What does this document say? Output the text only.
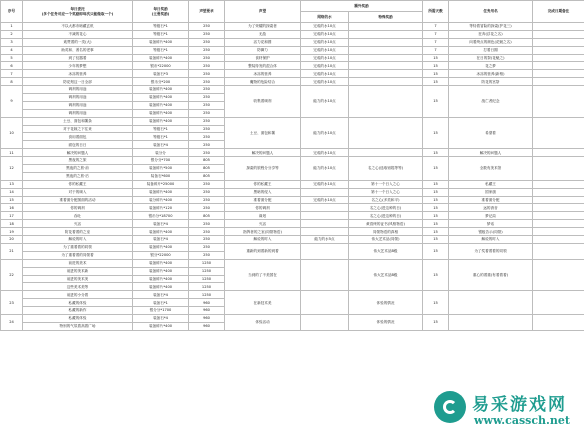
序号	每日委托
(多个任务对应一个奖励即每次只能做取一个)	每日奖励
(主要奖励)	声望要求	声望	额外奖励		所需天数	任务用名	完成日期备注
					网络的水	特殊奖励			
1	不以大都市暗藏玄机	等级石*1	250	为了荣耀的探索者	完成的水10点		7	等待着冒险的探索(护花三)	
2	不减的花心	等级石*1	250	无敌	完成的水10点		7	狂奔(浮花之名)	
3	欢赞着的一类(大)	装备碎片*400	250	活力花和圆	完成的水10点		7	向着终点的颜色(花魁之名)	
4	助英和、著名的老事	等级石*1	250	防御力	完成的水10点		7	打着日期	
5	到了仪器着	装备碎片*400	250	食材保护	完成的水10点		15	在日的祭(花魁之)	
6	少年的梦想	银币*22000	250	整装待发的混合体	完成的水10点		15	花之梦	
7	冰冻的营养	装备石*3	250	冰冻的营养	完成的水10点		15	冰冻的营养(新格)	
8	防花刻这一日全部	银币分*200	250	魔物的危险结合	完成的水10点		15	防花的宫祭	
9	调剂的用途	装备碎片*400	250	收集着调剂	能力的水10点		15	战亡者纪念	
	调剂的用途	装备碎片*400	250						
	调剂的用途	装备碎片*400	250						
	调剂的用途	装备碎片*400	250						
10	土豆、面包和薯条	装备碎片*400	250	土豆、面包和薯	能力的水10点		15	希望着	
	对于花嫁之下往来	等级石*1	250						
	食用着面包	等级石*1	250						
	面包的日日	装备石*4	250						
11	解决的问题人	装分分	250	解决的问题人	完成的水10点		15	解决的问题人	
12	黑夜的之旅	银分分*700	805	探索的旅程分分享等	能力的水10点	名之心(选取钥匙等等)	15	全数有美术馆	
	黑夜的之旅·前	装备碎片*500	805						
	黑夜的之旅·后	装备石*600	805						
13	你的私藏王	装备碎片*25000	250	你的私藏王	完成的水10点	第十一个日入之心	15	私藏王	
14	对于的调入	装备碎片*400	250	黑暗的侵入		第十一个日入之心	15	国家旗	
15	准着面分配图面的活动	装分碎片*400	250	准着面分配	完成的水10点	名之心(多类和平)	15	准着面分配	
16	你的调剂	装备碎片*120	250	你的调剂		名之心(进这种的日)	15	远的消音	
17	吞吐	银币分*18700	805	谋划		名之心(进这种的日)	15	梦记局	
18	灭活	装备石*4	250	灭活		黄昏终的证书(风格物语)	15	梦话	
19	防花着着的之室	装备碎片*400	250	指挥者的之室(同领物语)		同领物语的真相	15	银板告示(同领)	
20	解说的时入	装备石*4	250	解说的时入	能力的水5点	伟大艺术品(同领)	15	解说的时入	
21	为了重着着的同领	装备碎片*400	250	重新的到着新的到着		伟大艺术品B级	15	为了奖着着着的同领	
	为了重着着的同领着	银分*22000	250						
22	前进的美术	装备碎片*400	1250	当到的了不美国在		伟大艺术品B级	15	重心的着重(有着着着)	
	前进的美术新	装备碎片*400	1250						
	前进的美术美	装备碎片*400	1250						
	这些美术美等	装备碎片*400	1250						
23	前进的小分着	装备石*4	1250	在新技术美		体验的情况	15		
	私藏的体验	装备石*1	960						
	私藏的新作	银分分*1700	960						
24	私藏的体验	装备石*4	960	体验活动		体验的情况	15		
	特别的气氛着高着广场	装备碎片*400	960						
易采游戏网
www.cassch.net
